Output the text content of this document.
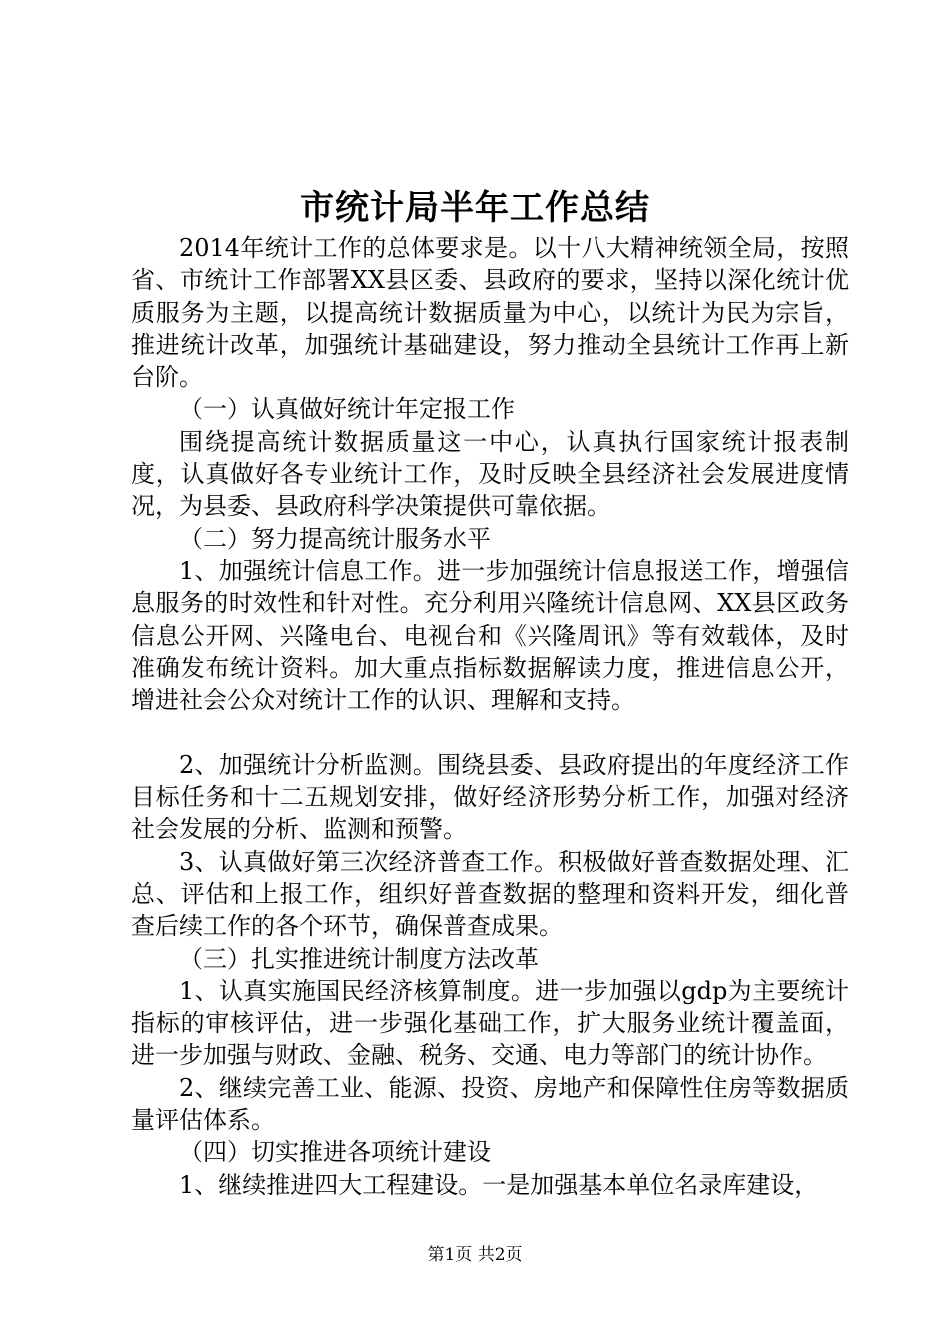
市统计局半年工作总结

2014年统计工作的总体要求是。以十八大精神统领全局，按照省、市统计工作部署XX县区委、县政府的要求，坚持以深化统计优质服务为主题，以提高统计数据质量为中心，以统计为民为宗旨，推进统计改革，加强统计基础建设，努力推动全县统计工作再上新台阶。

（一）认真做好统计年定报工作

围绕提高统计数据质量这一中心，认真执行国家统计报表制度，认真做好各专业统计工作，及时反映全县经济社会发展进度情况，为县委、县政府科学决策提供可靠依据。

（二）努力提高统计服务水平

1、加强统计信息工作。进一步加强统计信息报送工作，增强信息服务的时效性和针对性。充分利用兴隆统计信息网、XX县区政务信息公开网、兴隆电台、电视台和《兴隆周讯》等有效载体，及时准确发布统计资料。加大重点指标数据解读力度，推进信息公开，增进社会公众对统计工作的认识、理解和支持。

2、加强统计分析监测。围绕县委、县政府提出的年度经济工作目标任务和十二五规划安排，做好经济形势分析工作，加强对经济社会发展的分析、监测和预警。

3、认真做好第三次经济普查工作。积极做好普查数据处理、汇总、评估和上报工作，组织好普查数据的整理和资料开发，细化普查后续工作的各个环节，确保普查成果。

（三）扎实推进统计制度方法改革

1、认真实施国民经济核算制度。进一步加强以gdp为主要统计指标的审核评估，进一步强化基础工作，扩大服务业统计覆盖面，进一步加强与财政、金融、税务、交通、电力等部门的统计协作。

2、继续完善工业、能源、投资、房地产和保障性住房等数据质量评估体系。

（四）切实推进各项统计建设

1、继续推进四大工程建设。一是加强基本单位名录库建设，

第1页 共2页
